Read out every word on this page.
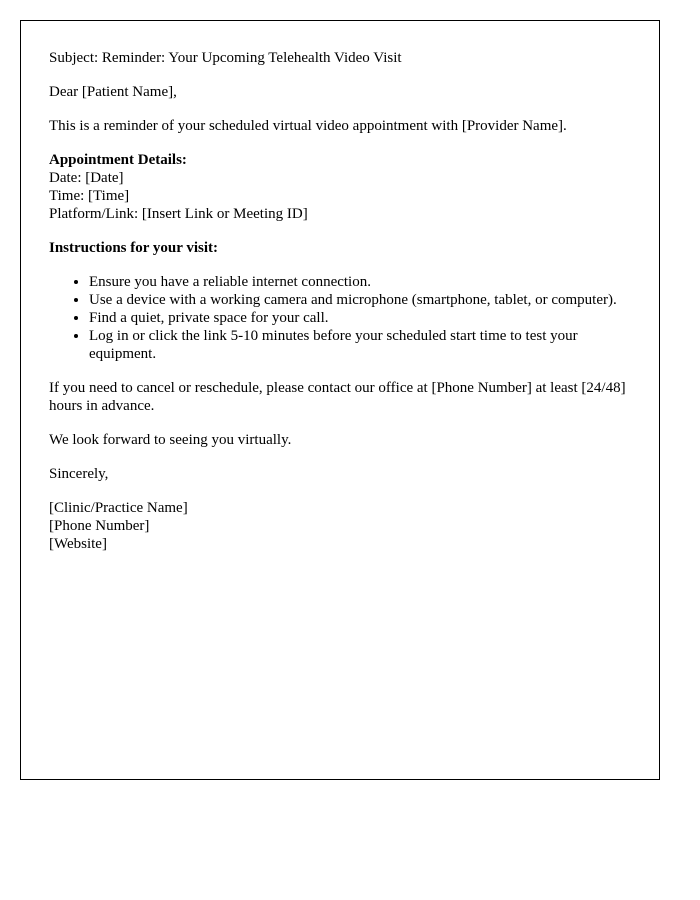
Subject: Reminder: Your Upcoming Telehealth Video Visit

Dear [Patient Name],

This is a reminder of your scheduled virtual video appointment with [Provider Name].

Appointment Details:
Date: [Date]
Time: [Time]
Platform/Link: [Insert Link or Meeting ID]

Instructions for your visit:

• Ensure you have a reliable internet connection.
• Use a device with a working camera and microphone (smartphone, tablet, or computer).
• Find a quiet, private space for your call.
• Log in or click the link 5-10 minutes before your scheduled start time to test your equipment.

If you need to cancel or reschedule, please contact our office at [Phone Number] at least [24/48] hours in advance.

We look forward to seeing you virtually.

Sincerely,

[Clinic/Practice Name]
[Phone Number]
[Website]
